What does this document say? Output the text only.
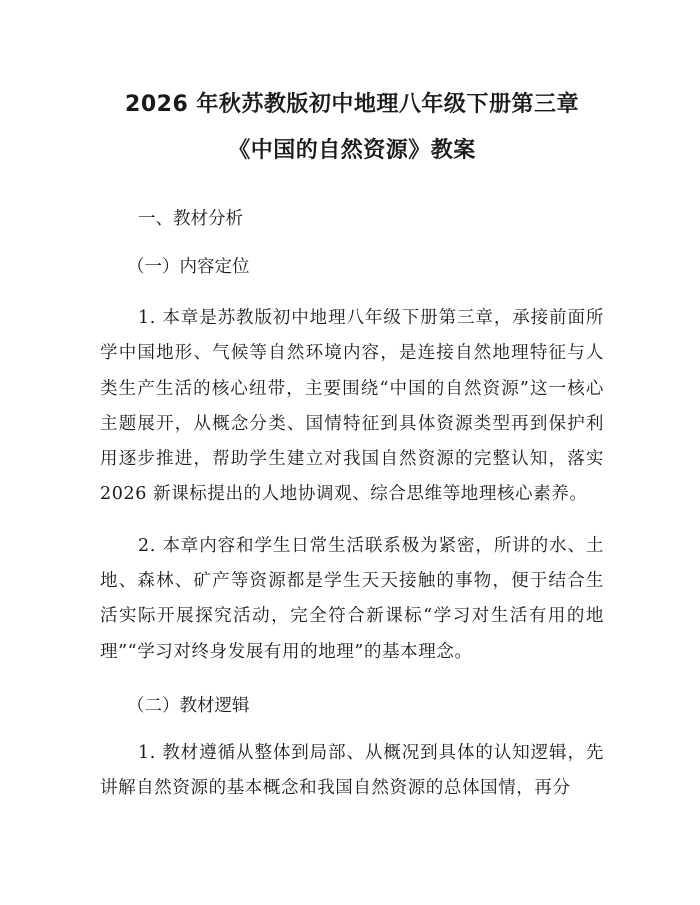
2026 年秋苏教版初中地理八年级下册第三章
《中国的自然资源》教案

一、教材分析

（一）内容定位

1. 本章是苏教版初中地理八年级下册第三章，承接前面所学中国地形、气候等自然环境内容，是连接自然地理特征与人类生产生活的核心纽带，主要围绕“中国的自然资源”这一核心主题展开，从概念分类、国情特征到具体资源类型再到保护利用逐步推进，帮助学生建立对我国自然资源的完整认知，落实 2026 新课标提出的人地协调观、综合思维等地理核心素养。

2. 本章内容和学生日常生活联系极为紧密，所讲的水、土地、森林、矿产等资源都是学生天天接触的事物，便于结合生活实际开展探究活动，完全符合新课标“学习对生活有用的地理”“学习对终身发展有用的地理”的基本理念。

（二）教材逻辑

1. 教材遵循从整体到局部、从概况到具体的认知逻辑，先讲解自然资源的基本概念和我国自然资源的总体国情，再分
